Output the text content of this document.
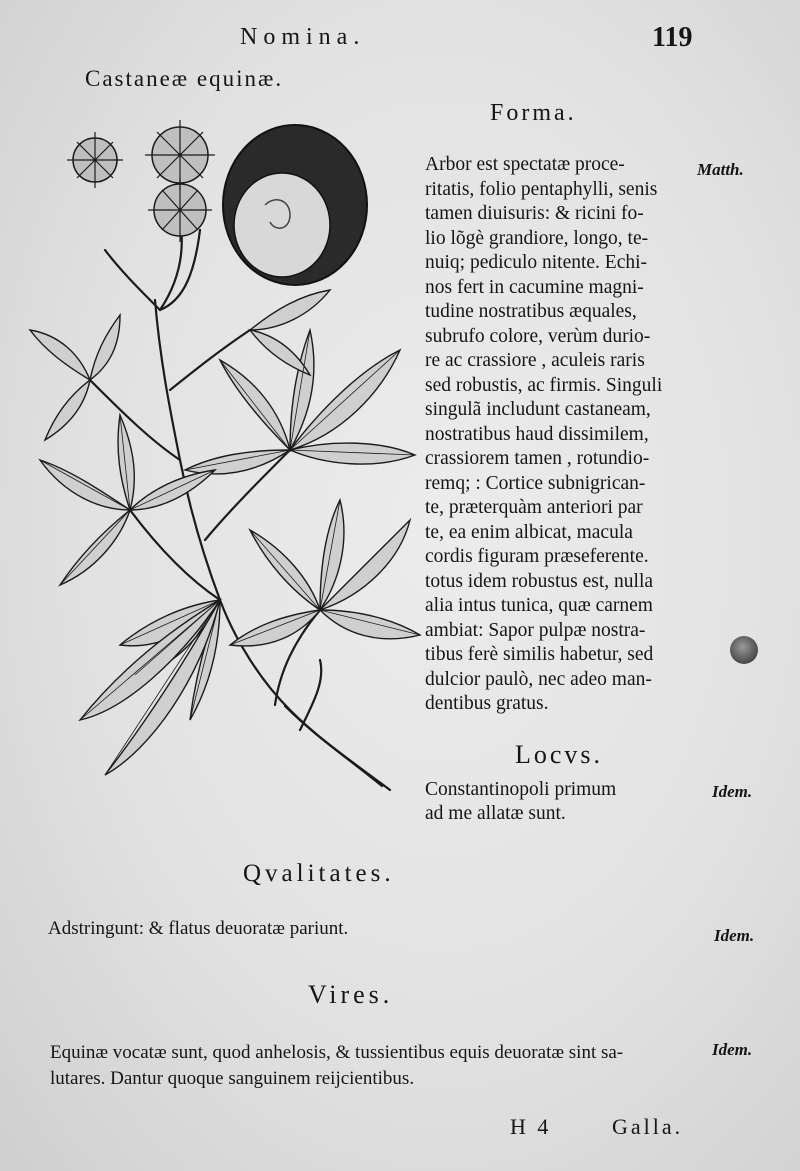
Nomina.	119
Castaneæ equinæ.
Forma.
Matth.
Arbor est spectatæ proce-
ritatis, folio pentaphylli, senis
tamen diuisuris: & ricini fo-
lio lõgè grandiore, longo, te-
nuiq; pediculo nitente. Echi-
nos fert in cacumine magni-
tudine nostratibus æquales,
subrufo colore, verùm durio-
re ac crassiore , aculeis raris
sed robustis, ac firmis. Singuli
singulã includunt castaneam,
nostratibus haud dissimilem,
crassiorem tamen , rotundio-
remq; : Cortice subnigrican-
te, præterquàm anteriori par
te, ea enim albicat, macula
cordis figuram præseferente.
totus idem robustus est, nulla
alia intus tunica, quæ carnem
ambiat: Sapor pulpæ nostra-
tibus ferè similis habetur, sed
dulcior paulò, nec adeo man-
dentibus gratus.
Locvs.
Constantinopoli primum
ad me allatæ sunt.
Idem.
Qvalitates.
Adstringunt: & flatus deuoratæ pariunt.	Idem.
Vires.
Equinæ vocatæ sunt, quod anhelosis, & tussientibus equis deuoratæ sint sa-
lutares. Dantur quoque sanguinem reijcientibus.
Idem.
H 4	Galla.
